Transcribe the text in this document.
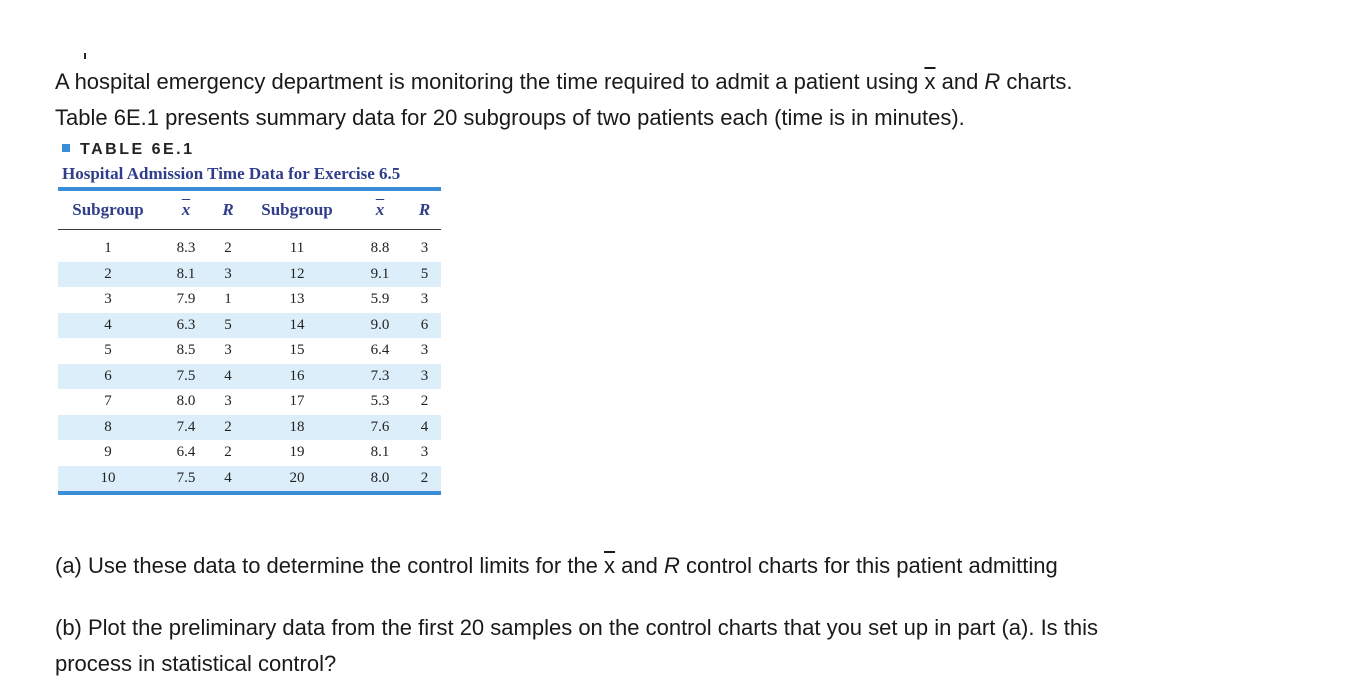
A hospital emergency department is monitoring the time required to admit a patient using $\overline{x}$ and R charts.
Table 6E.1 presents summary data for 20 subgroups of two patients each (time is in minutes).
TABLE 6E.1
Hospital Admission Time Data for Exercise 6.5
Subgroup	$\overline{x}$	R	Subgroup	$\overline{x}$	R
1	8.3	2	11	8.8	3
2	8.1	3	12	9.1	5
3	7.9	1	13	5.9	3
4	6.3	5	14	9.0	6
5	8.5	3	15	6.4	3
6	7.5	4	16	7.3	3
7	8.0	3	17	5.3	2
8	7.4	2	18	7.6	4
9	6.4	2	19	8.1	3
10	7.5	4	20	8.0	2
(a) Use these data to determine the control limits for the $\overline{x}$ and R control charts for this patient admitting
(b) Plot the preliminary data from the first 20 samples on the control charts that you set up in part (a). Is this
process in statistical control?
